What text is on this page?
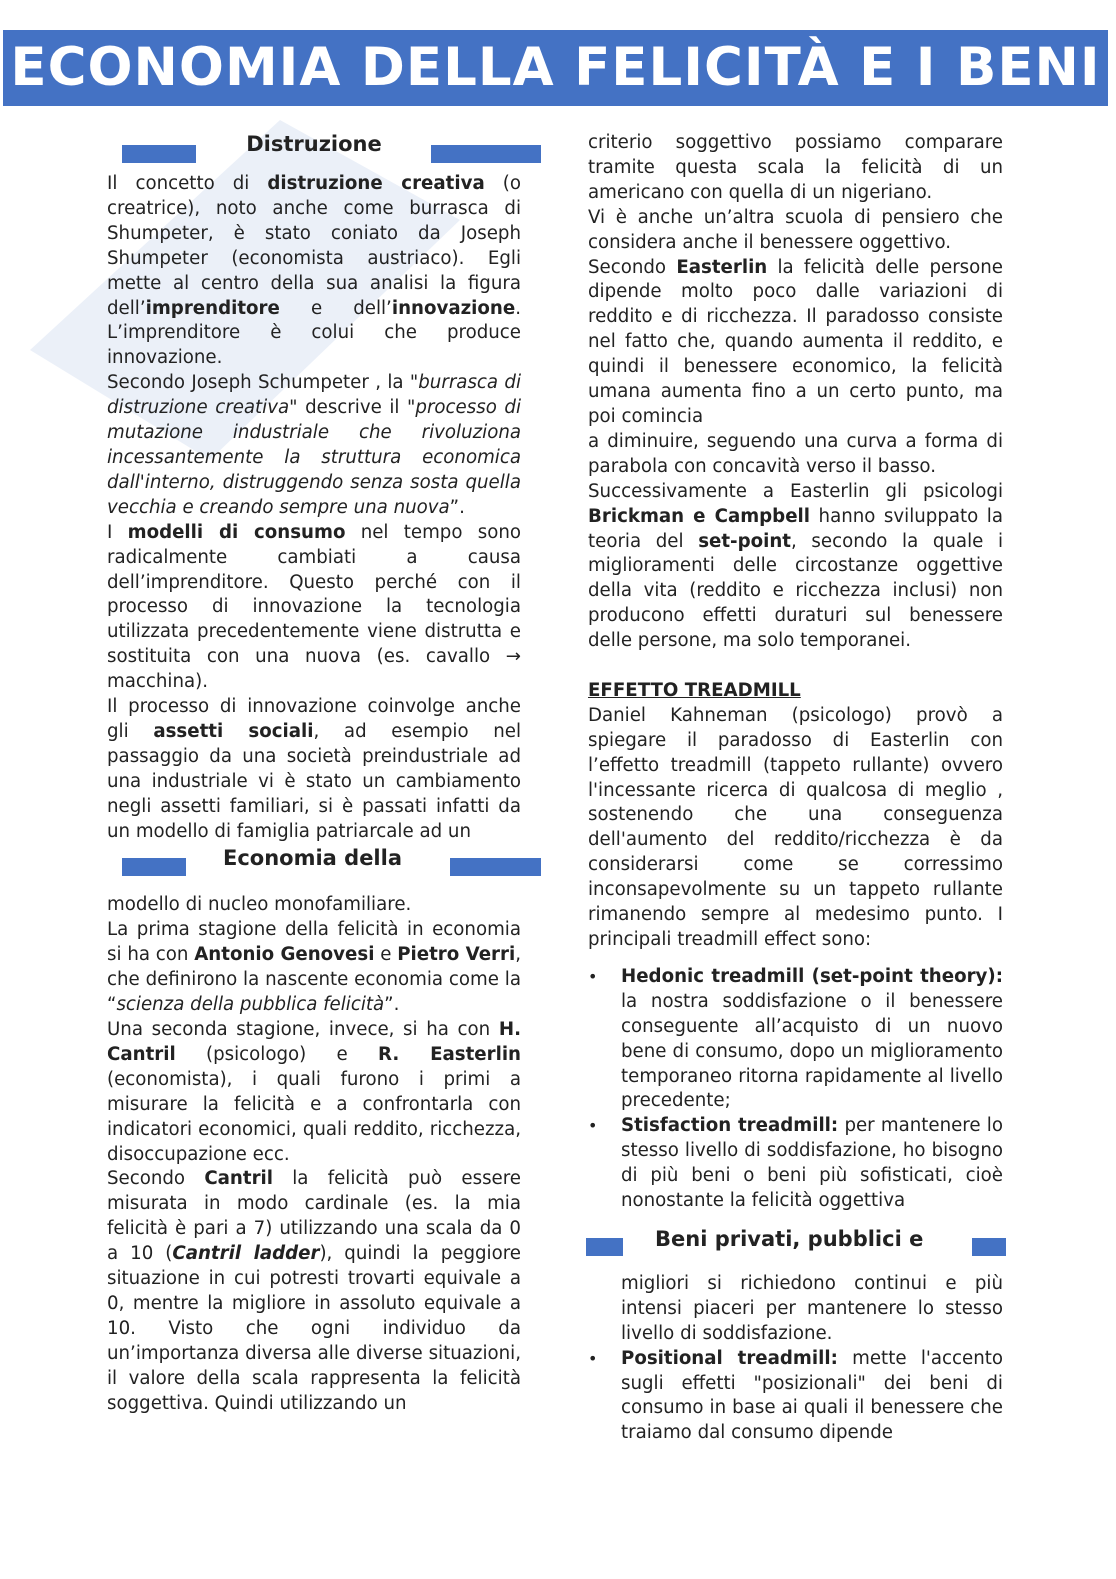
ECONOMIA DELLA FELICITÀ E I BENI
Distruzione

Il concetto di distruzione creativa (o creatrice), noto anche come burrasca di Shumpeter, è stato coniato da Joseph Shumpeter (economista austriaco). Egli mette al centro della sua analisi la figura dell’imprenditore e dell’innovazione. L’imprenditore è colui che produce innovazione.

Secondo Joseph Schumpeter , la "burrasca di distruzione creativa" descrive il "processo di mutazione industriale che rivoluziona incessantemente la struttura economica dall'interno, distruggendo senza sosta quella vecchia e creando sempre una nuova”.

I modelli di consumo nel tempo sono radicalmente cambiati a causa dell’imprenditore. Questo perché con il processo di innovazione la tecnologia utilizzata precedentemente viene distrutta e sostituita con una nuova (es. cavallo → macchina).

Il processo di innovazione coinvolge anche gli assetti sociali, ad esempio nel passaggio da una società preindustriale ad una industriale vi è stato un cambiamento negli assetti familiari, si è passati infatti da un modello di famiglia patriarcale ad un

Economia della

modello di nucleo monofamiliare.

La prima stagione della felicità in economia si ha con Antonio Genovesi e Pietro Verri, che definirono la nascente economia come la “scienza della pubblica felicità”.

Una seconda stagione, invece, si ha con H. Cantril (psicologo) e R. Easterlin (economista), i quali furono i primi a misurare la felicità e a confrontarla con indicatori economici, quali reddito, ricchezza, disoccupazione ecc.

Secondo Cantril la felicità può essere misurata in modo cardinale (es. la mia felicità è pari a 7) utilizzando una scala da 0 a 10 (Cantril ladder), quindi la peggiore situazione in cui potresti trovarti equivale a 0, mentre la migliore in assoluto equivale a 10. Visto che ogni individuo da un’importanza diversa alle diverse situazioni, il valore della scala rappresenta la felicità soggettiva. Quindi utilizzando un

criterio soggettivo possiamo comparare tramite questa scala la felicità di un americano con quella di un nigeriano.

Vi è anche un’altra scuola di pensiero che considera anche il benessere oggettivo.

Secondo Easterlin la felicità delle persone dipende molto poco dalle variazioni di reddito e di ricchezza. Il paradosso consiste nel fatto che, quando aumenta il reddito, e quindi il benessere economico, la felicità umana aumenta fino a un certo punto, ma poi comincia

a diminuire, seguendo una curva a forma di parabola con concavità verso il basso.

Successivamente a Easterlin gli psicologi Brickman e Campbell hanno sviluppato la teoria del set-point, secondo la quale i miglioramenti delle circostanze oggettive della vita (reddito e ricchezza inclusi) non producono effetti duraturi sul benessere delle persone, ma solo temporanei.

EFFETTO TREADMILL

Daniel Kahneman (psicologo) provò a spiegare il paradosso di Easterlin con l’effetto treadmill (tappeto rullante) ovvero l'incessante ricerca di qualcosa di meglio , sostenendo che una conseguenza dell'aumento del reddito/ricchezza è da considerarsi come se corressimo inconsapevolmente su un tappeto rullante rimanendo sempre al medesimo punto. I principali treadmill effect sono:

• Hedonic treadmill (set-point theory): la nostra soddisfazione o il benessere conseguente all’acquisto di un nuovo bene di consumo, dopo un miglioramento temporaneo ritorna rapidamente al livello precedente;
• Stisfaction treadmill: per mantenere lo stesso livello di soddisfazione, ho bisogno di più beni o beni più sofisticati, cioè nonostante la felicità oggettiva
Beni privati, pubblici e
migliori si richiedono continui e più intensi piaceri per mantenere lo stesso livello di soddisfazione.
• Positional treadmill: mette l'accento sugli effetti "posizionali" dei beni di consumo in base ai quali il benessere che traiamo dal consumo dipende
